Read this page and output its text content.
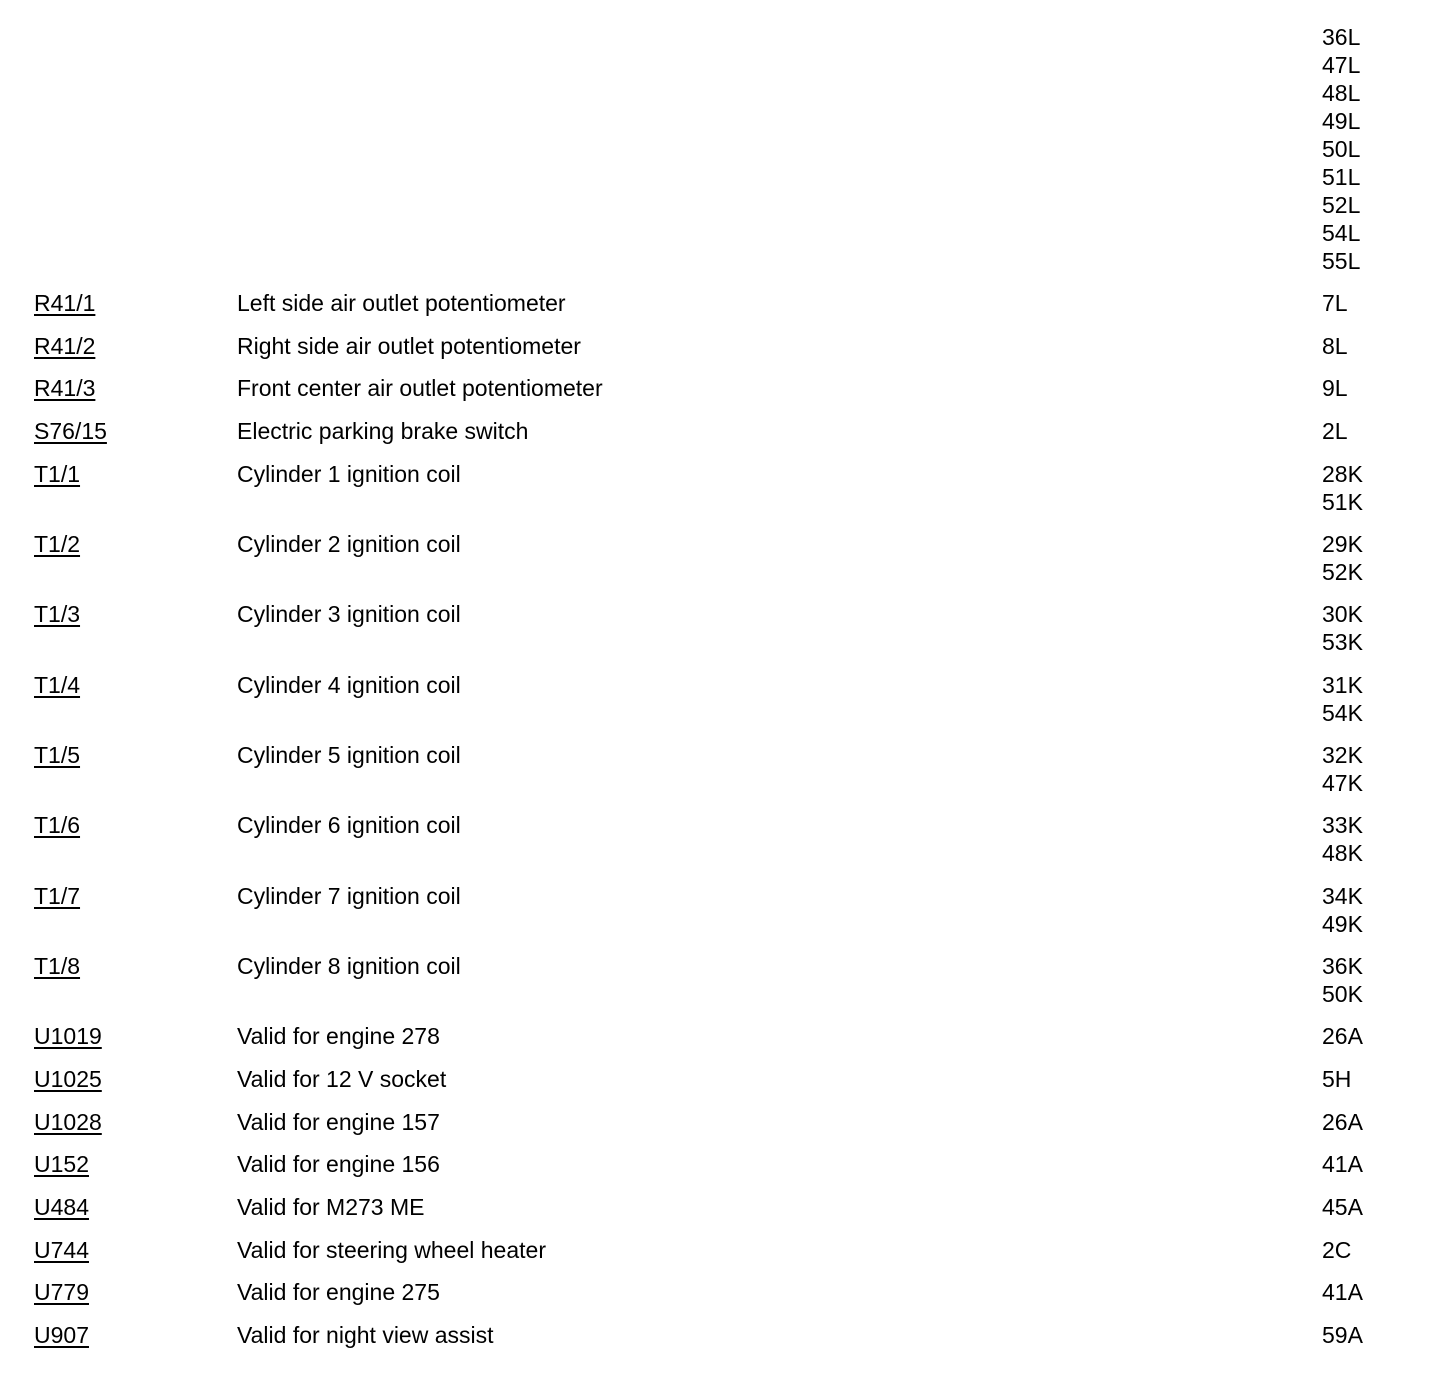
36L
47L
48L
49L
50L
51L
52L
54L
55L
R41/1	Left side air outlet potentiometer	7L
R41/2	Right side air outlet potentiometer	8L
R41/3	Front center air outlet potentiometer	9L
S76/15	Electric parking brake switch	2L
T1/1	Cylinder 1 ignition coil	28K
51K
T1/2	Cylinder 2 ignition coil	29K
52K
T1/3	Cylinder 3 ignition coil	30K
53K
T1/4	Cylinder 4 ignition coil	31K
54K
T1/5	Cylinder 5 ignition coil	32K
47K
T1/6	Cylinder 6 ignition coil	33K
48K
T1/7	Cylinder 7 ignition coil	34K
49K
T1/8	Cylinder 8 ignition coil	36K
50K
U1019	Valid for engine 278	26A
U1025	Valid for 12 V socket	5H
U1028	Valid for engine 157	26A
U152	Valid for engine 156	41A
U484	Valid for M273 ME	45A
U744	Valid for steering wheel heater	2C
U779	Valid for engine 275	41A
U907	Valid for night view assist	59A
